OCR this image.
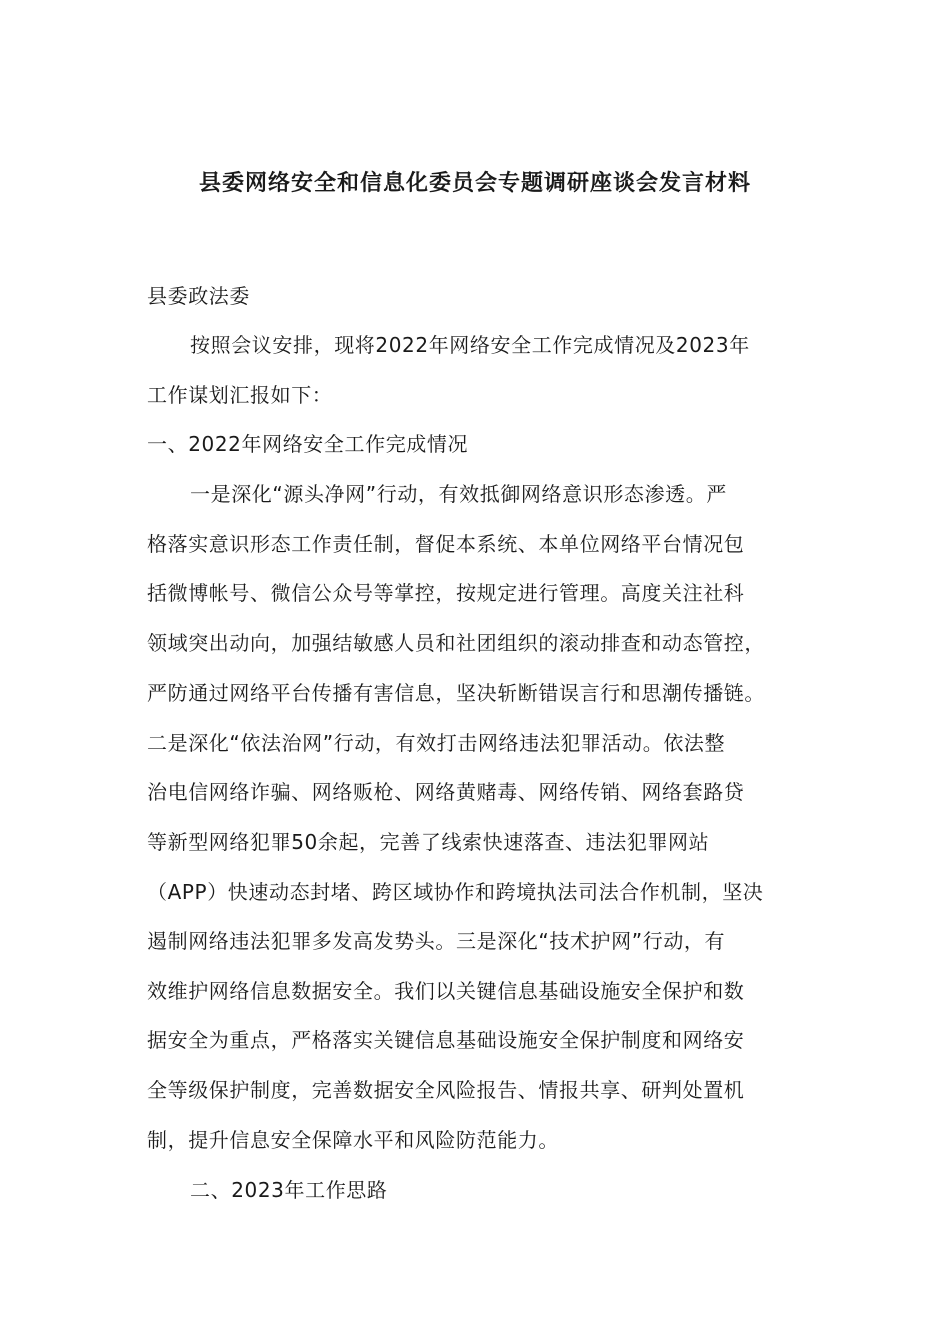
县委网络安全和信息化委员会专题调研座谈会发言材料
县委政法委
按照会议安排，现将2022年网络安全工作完成情况及2023年
工作谋划汇报如下：
一、2022年网络安全工作完成情况
一是深化“源头净网”行动，有效抵御网络意识形态渗透。严
格落实意识形态工作责任制，督促本系统、本单位网络平台情况包
括微博帐号、微信公众号等掌控，按规定进行管理。高度关注社科
领域突出动向，加强结敏感人员和社团组织的滚动排查和动态管控，
严防通过网络平台传播有害信息，坚决斩断错误言行和思潮传播链。
二是深化“依法治网”行动，有效打击网络违法犯罪活动。依法整
治电信网络诈骗、网络贩枪、网络黄赌毒、网络传销、网络套路贷
等新型网络犯罪50余起，完善了线索快速落查、违法犯罪网站
（APP）快速动态封堵、跨区域协作和跨境执法司法合作机制，坚决
遏制网络违法犯罪多发高发势头。三是深化“技术护网”行动，有
效维护网络信息数据安全。我们以关键信息基础设施安全保护和数
据安全为重点，严格落实关键信息基础设施安全保护制度和网络安
全等级保护制度，完善数据安全风险报告、情报共享、研判处置机
制，提升信息安全保障水平和风险防范能力。
二、2023年工作思路
